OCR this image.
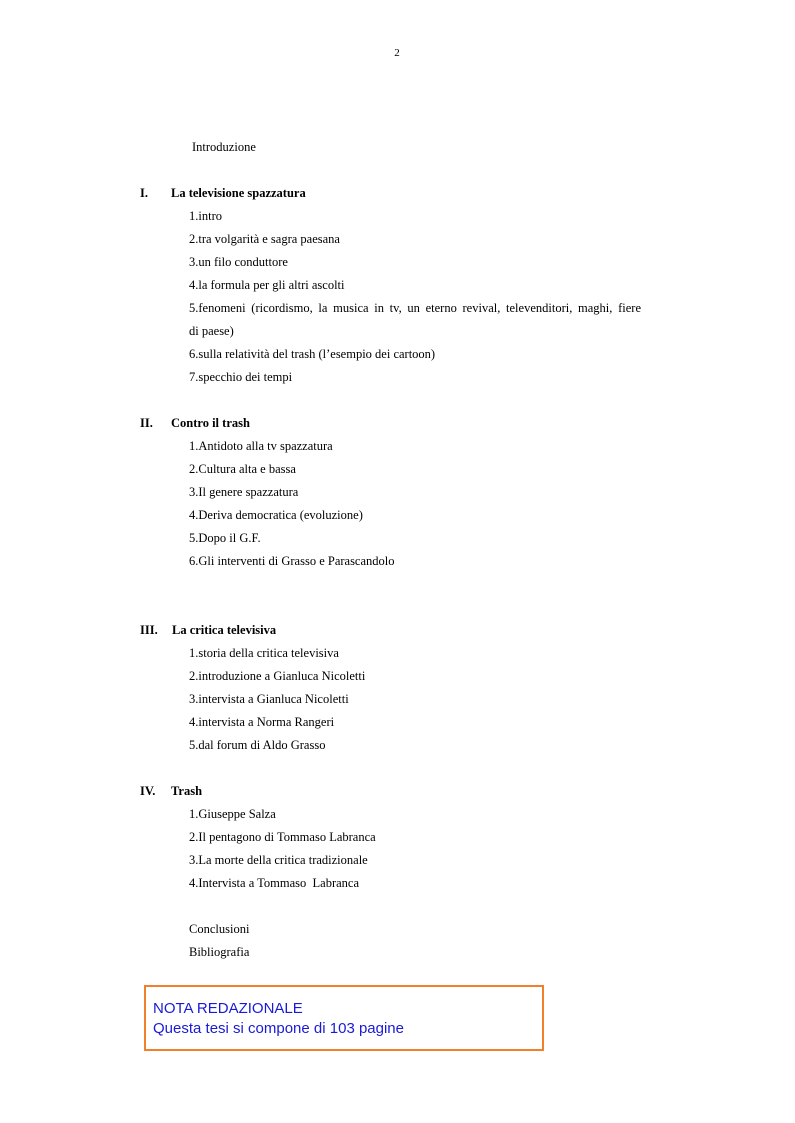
2
Introduzione
I. La televisione spazzatura
1.intro
2.tra volgarità e sagra paesana
3.un filo conduttore
4.la formula per gli altri ascolti
5.fenomeni (ricordismo, la musica in tv, un eterno revival, televenditori, maghi, fiere
di paese)
6.sulla relatività del trash (l’esempio dei cartoon)
7.specchio dei tempi
II. Contro il trash
1.Antidoto alla tv spazzatura
2.Cultura alta e bassa
3.Il genere spazzatura
4.Deriva democratica (evoluzione)
5.Dopo il G.F.
6.Gli interventi di Grasso e Parascandolo
III. La critica televisiva
1.storia della critica televisiva
2.introduzione a Gianluca Nicoletti
3.intervista a Gianluca Nicoletti
4.intervista a Norma Rangeri
5.dal forum di Aldo Grasso
IV. Trash
1.Giuseppe Salza
2.Il pentagono di Tommaso Labranca
3.La morte della critica tradizionale
4.Intervista a Tommaso  Labranca
Conclusioni
Bibliografia
NOTA REDAZIONALE
Questa tesi si compone di 103 pagine
